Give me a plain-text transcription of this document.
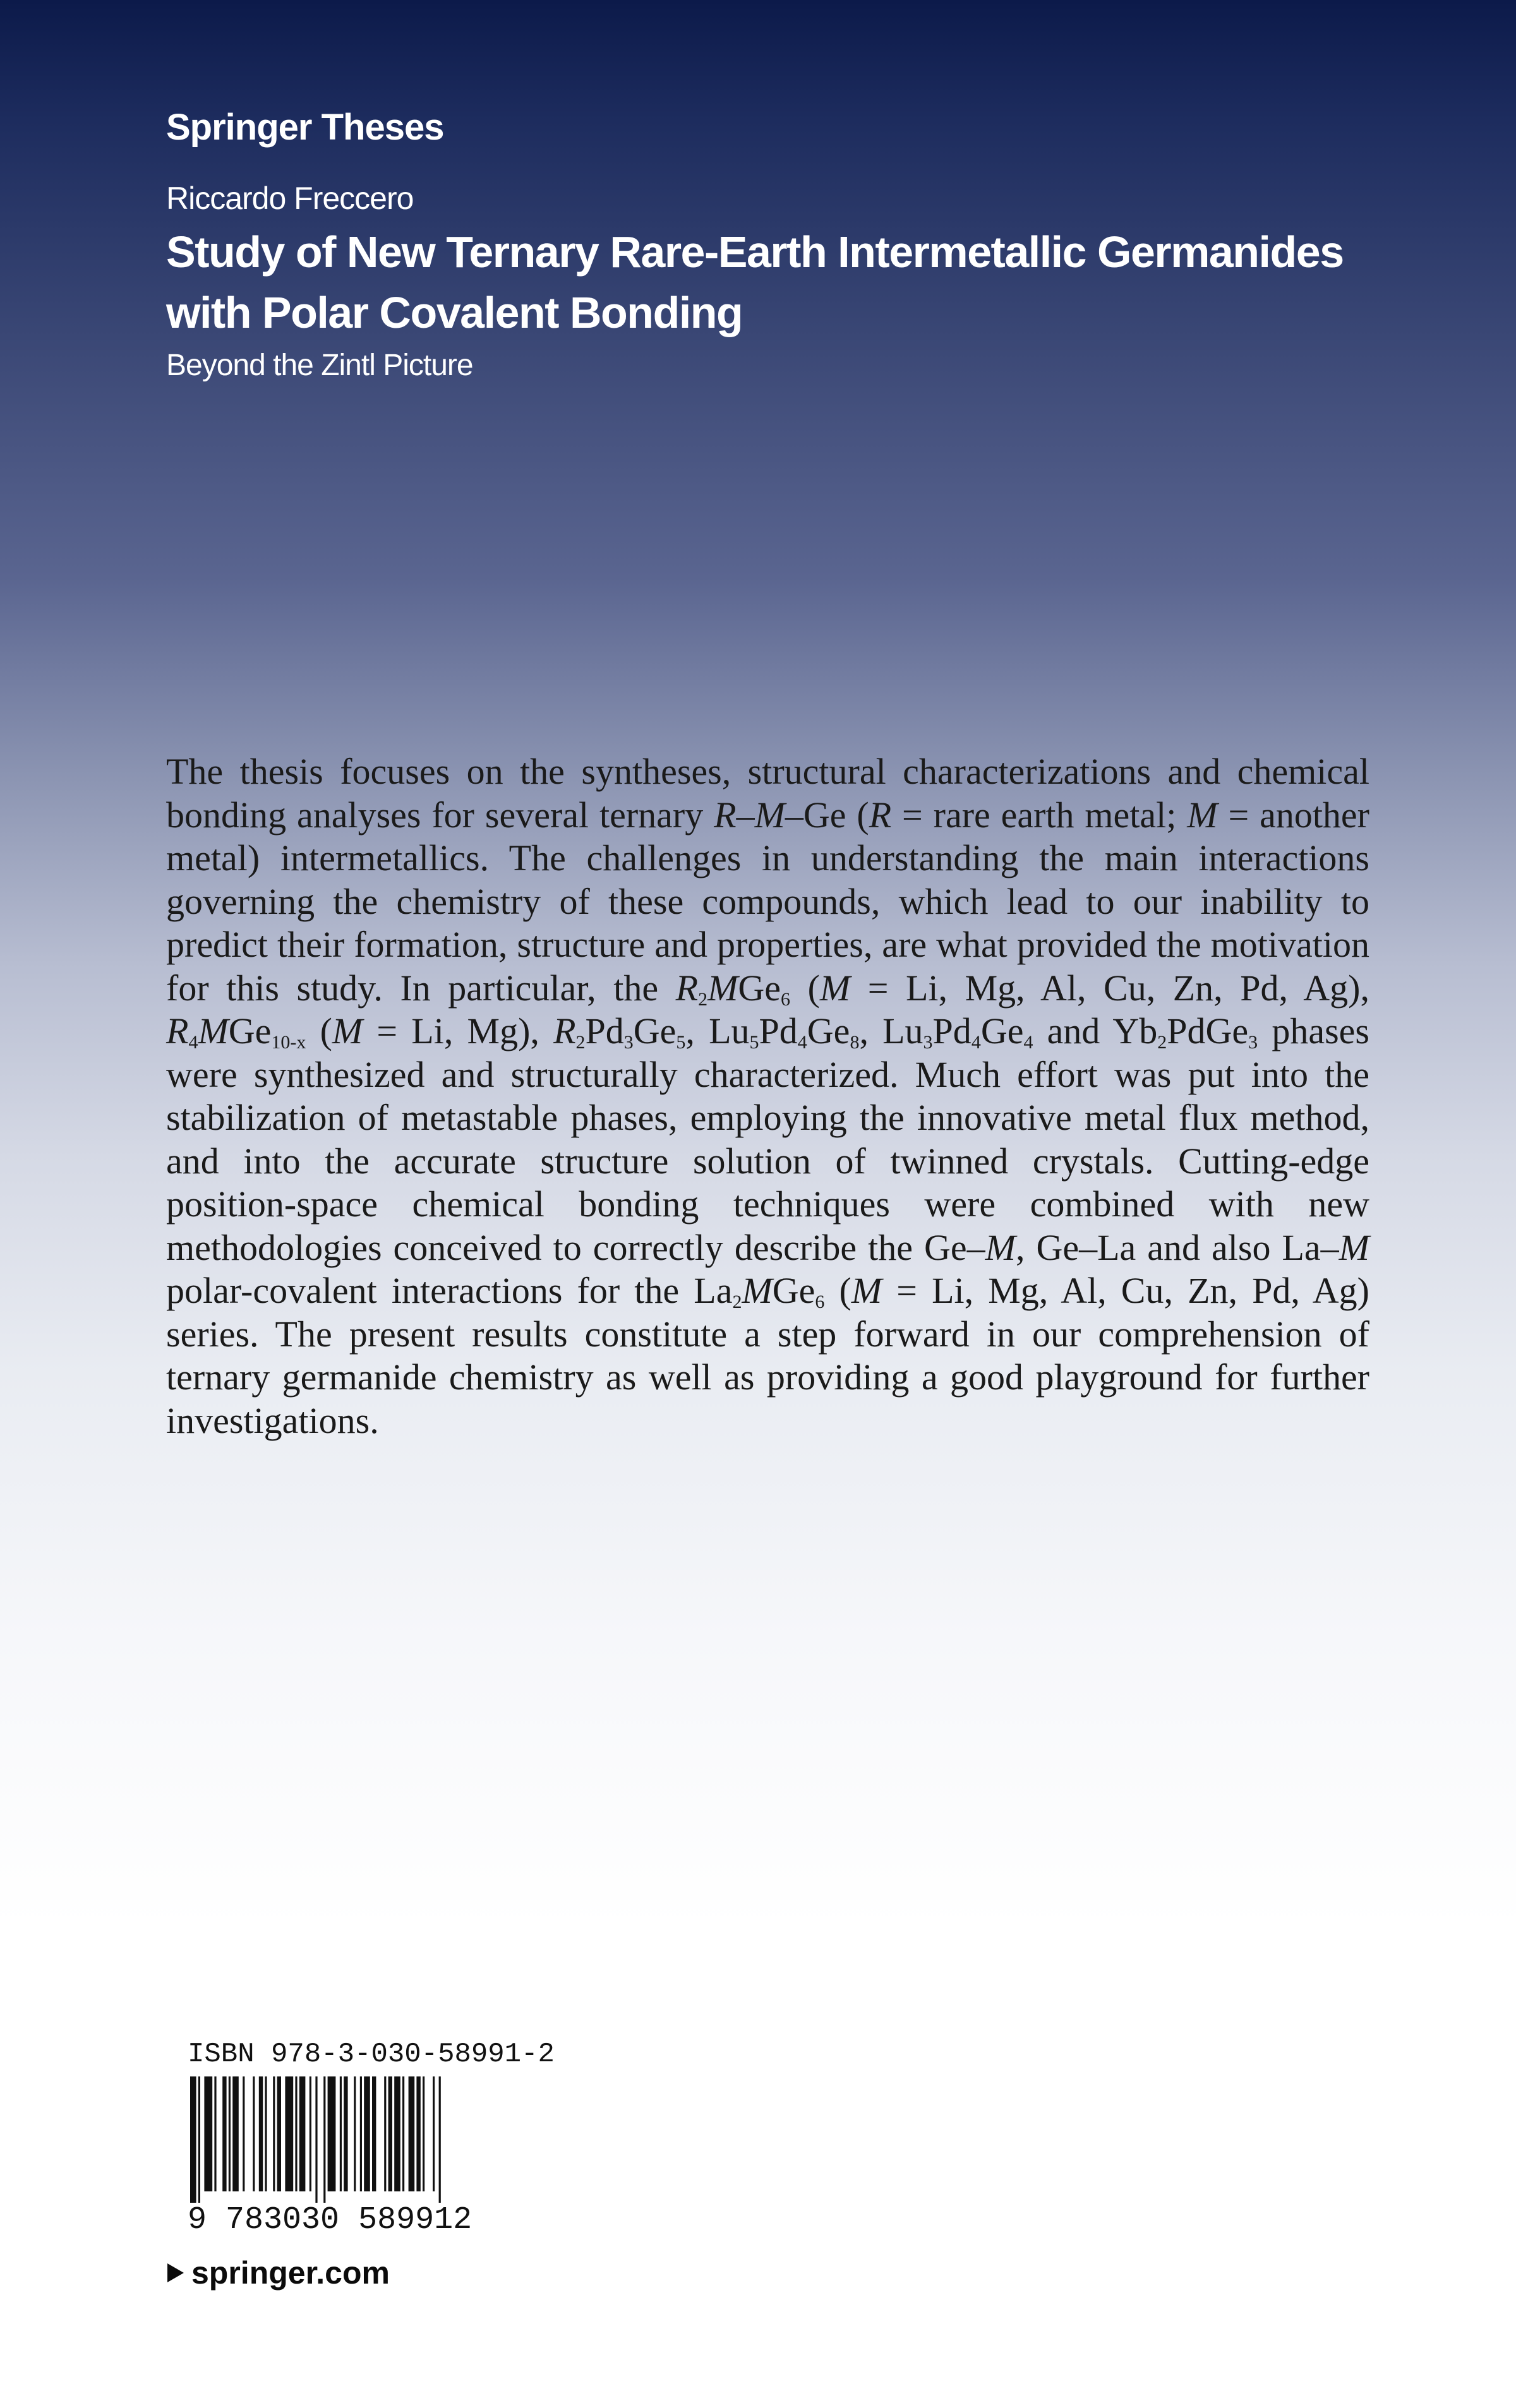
Springer Theses

Riccardo Freccero

Study of New Ternary Rare-Earth Intermetallic Germanides
with Polar Covalent Bonding

Beyond the Zintl Picture

The thesis focuses on the syntheses, structural characterizations and chemical bonding analyses for several ternary R–M–Ge (R = rare earth metal; M = another metal) intermetallics. The challenges in understanding the main interactions governing the chemistry of these compounds, which lead to our inability to predict their formation, structure and properties, are what provided the motivation for this study. In particular, the $R_2MGe_6$ (M = Li, Mg, Al, Cu, Zn, Pd, Ag), $R_4MGe_{10-x}$ (M = Li, Mg), $R_2Pd_3Ge_5$, $Lu_5Pd_4Ge_8$, $Lu_3Pd_4Ge_4$ and $Yb_2PdGe_3$ phases were synthesized and structurally characterized. Much effort was put into the stabilization of metastable phases, employing the innovative metal flux method, and into the accurate structure solution of twinned crystals. Cutting-edge position-space chemical bonding techniques were combined with new methodologies conceived to correctly describe the Ge–M, Ge–La and also La–M polar-covalent interactions for the $La_2MGe_6$ (M = Li, Mg, Al, Cu, Zn, Pd, Ag) series. The present results constitute a step forward in our comprehension of ternary germanide chemistry as well as providing a good playground for further investigations.

ISBN 978-3-030-58991-2

9 783030 589912
springer.com
